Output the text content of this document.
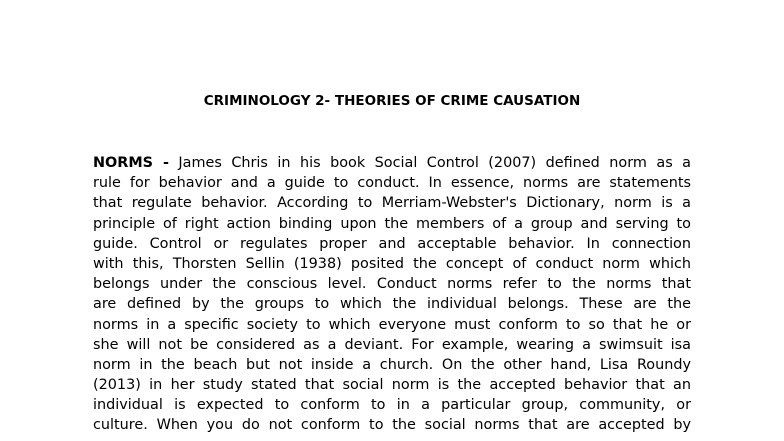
CRIMINOLOGY 2- THEORIES OF CRIME CAUSATION
NORMS - James Chris in his book Social Control (2007) defined norm as a
rule for behavior and a guide to conduct. In essence, norms are statements
that regulate behavior. According to Merriam-Webster's Dictionary, norm is a
principle of right action binding upon the members of a group and serving to
guide. Control or regulates proper and acceptable behavior. In connection
with this, Thorsten Sellin (1938) posited the concept of conduct norm which
belongs under the conscious level. Conduct norms refer to the norms that
are defined by the groups to which the individual belongs. These are the
norms in a specific society to which everyone must conform to so that he or
she will not be considered as a deviant. For example, wearing a swimsuit isa
norm in the beach but not inside a church. On the other hand, Lisa Roundy
(2013) in her study stated that social norm is the accepted behavior that an
individual is expected to conform to in a particular group, community, or
culture. When you do not conform to the social norms that are accepted by
